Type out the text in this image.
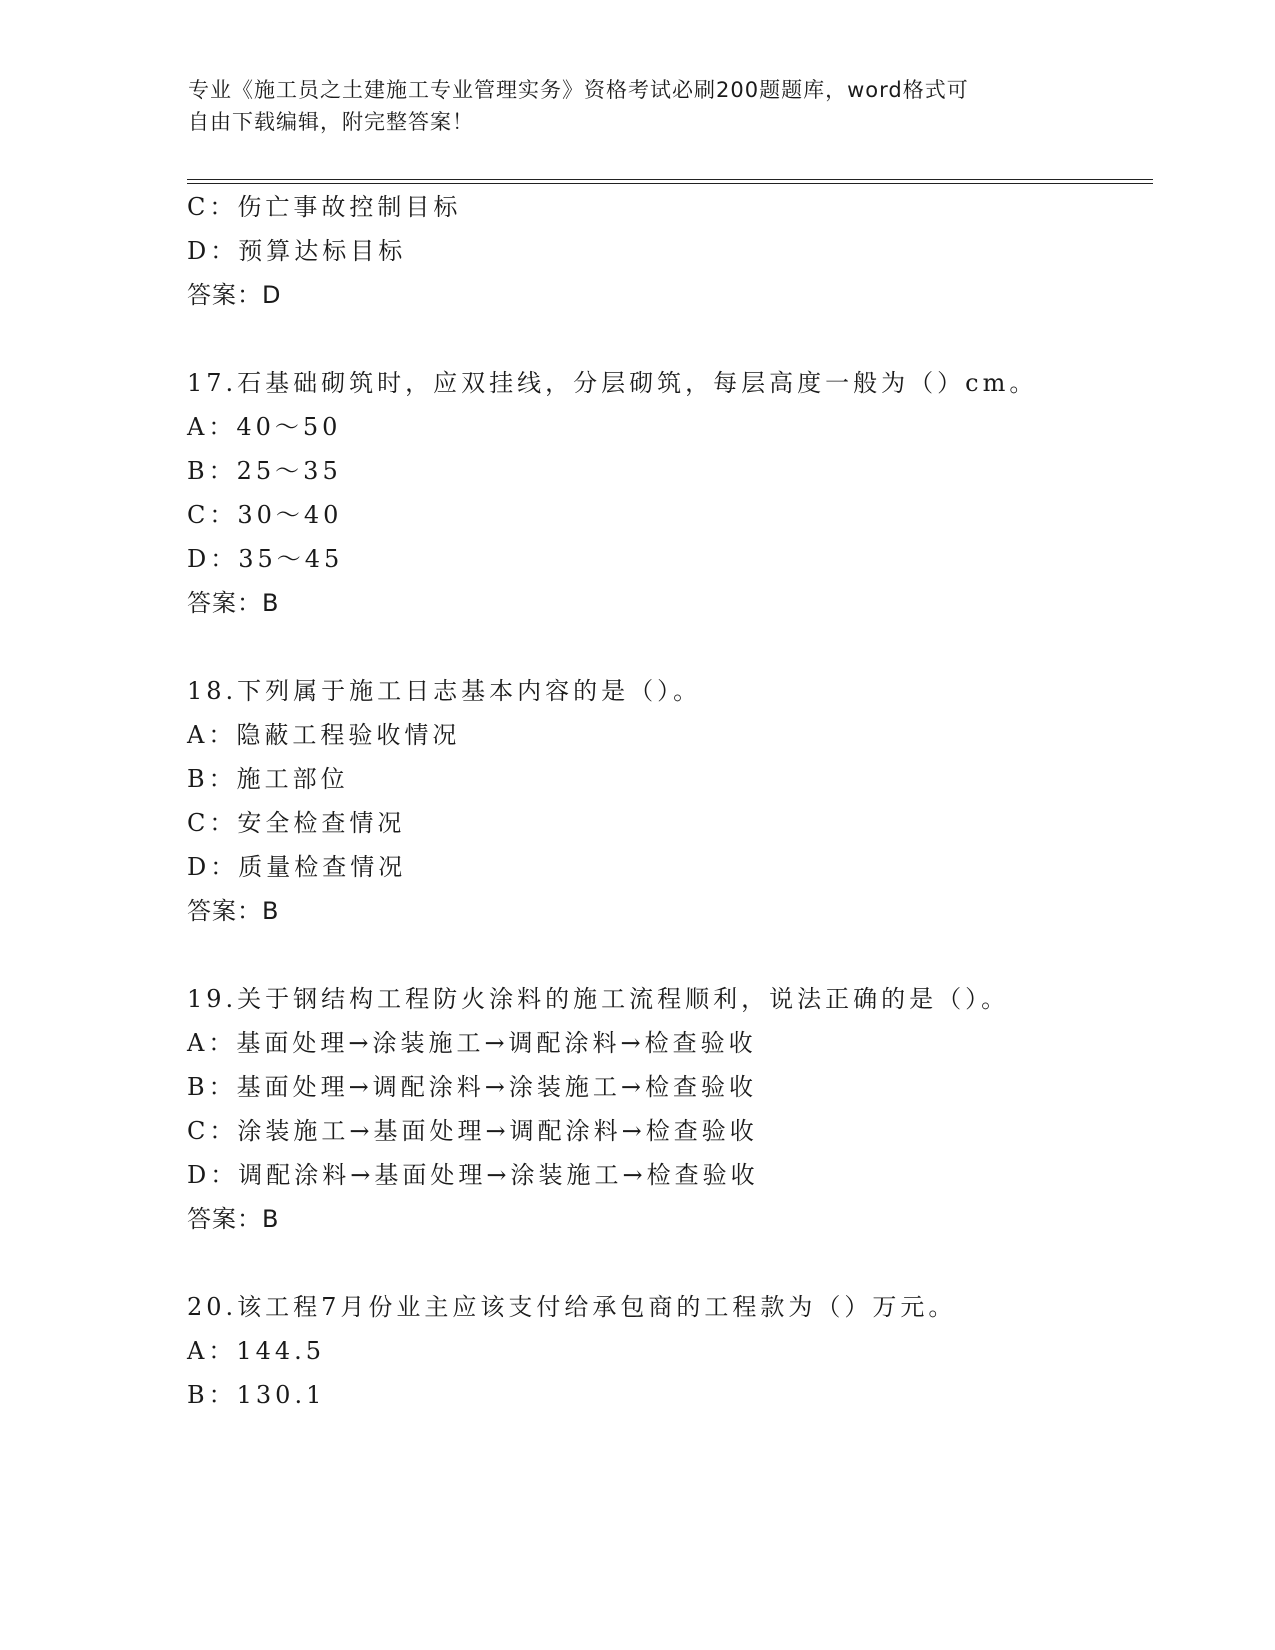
专业《施工员之土建施工专业管理实务》资格考试必刷200题题库，word格式可
自由下载编辑，附完整答案！
C：伤亡事故控制目标
D：预算达标目标
答案：D
17.石基础砌筑时，应双挂线，分层砌筑，每层高度一般为（）cm。
A：40～50
B：25～35
C：30～40
D：35～45
答案：B
18.下列属于施工日志基本内容的是（）。
A：隐蔽工程验收情况
B：施工部位
C：安全检查情况
D：质量检查情况
答案：B
19.关于钢结构工程防火涂料的施工流程顺利，说法正确的是（）。
A：基面处理→涂装施工→调配涂料→检查验收
B：基面处理→调配涂料→涂装施工→检查验收
C：涂装施工→基面处理→调配涂料→检查验收
D：调配涂料→基面处理→涂装施工→检查验收
答案：B
20.该工程7月份业主应该支付给承包商的工程款为（）万元。
A：144.5
B：130.1
